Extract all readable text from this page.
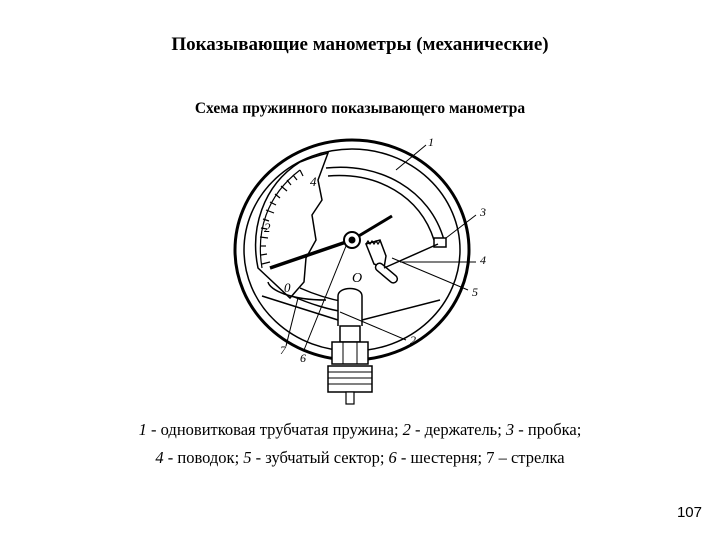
Показывающие манометры (механические)
Схема пружинного показывающего манометра
0
2
4
O
1
3
4
5
2
6
7
1 - одновитковая трубчатая пружина; 2 - держатель; 3 - пробка;
4 - поводок; 5 - зубчатый сектор; 6 - шестерня; 7 – стрелка
107
